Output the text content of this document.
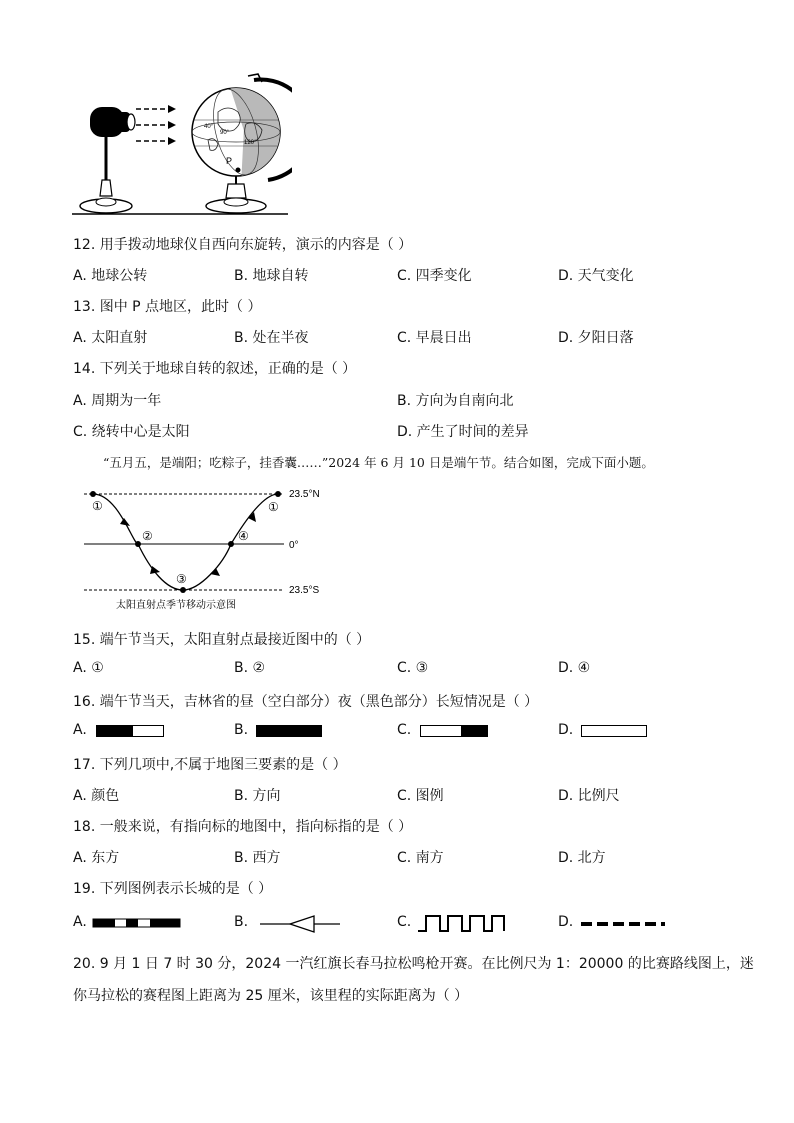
40°
90°
120°
P
12. 用手拨动地球仪自西向东旋转，演示的内容是（ ）
A. 地球公转	B. 地球自转	C. 四季变化	D. 天气变化
13. 图中 P 点地区，此时（ ）
A. 太阳直射	B. 处在半夜	C. 早晨日出	D. 夕阳日落
14. 下列关于地球自转的叙述，正确的是（ ）
A. 周期为一年	B. 方向为自南向北
C. 绕转中心是太阳	D. 产生了时间的差异
“五月五，是端阳；吃粽子，挂香囊……”2024 年 6 月 10 日是端午节。结合如图，完成下面小题。
①
②
③
④
①
23.5°N
0°
23.5°S
太阳直射点季节移动示意图
15. 端午节当天，太阳直射点最接近图中的（ ）
A. ①	B. ②	C. ③	D. ④
16. 端午节当天，吉林省的昼（空白部分）夜（黑色部分）长短情况是（ ）
A.	B.	C.	D.
17. 下列几项中,不属于地图三要素的是（ ）
A. 颜色	B. 方向	C. 图例	D. 比例尺
18. 一般来说，有指向标的地图中，指向标指的是（ ）
A. 东方	B. 西方	C. 南方	D. 北方
19. 下列图例表示长城的是（ ）
A.	B.	C.	D.
20. 9 月 1 日 7 时 30 分，2024 一汽红旗长春马拉松鸣枪开赛。在比例尺为 1：20000 的比赛路线图上，迷
你马拉松的赛程图上距离为 25 厘米，该里程的实际距离为（ ）
